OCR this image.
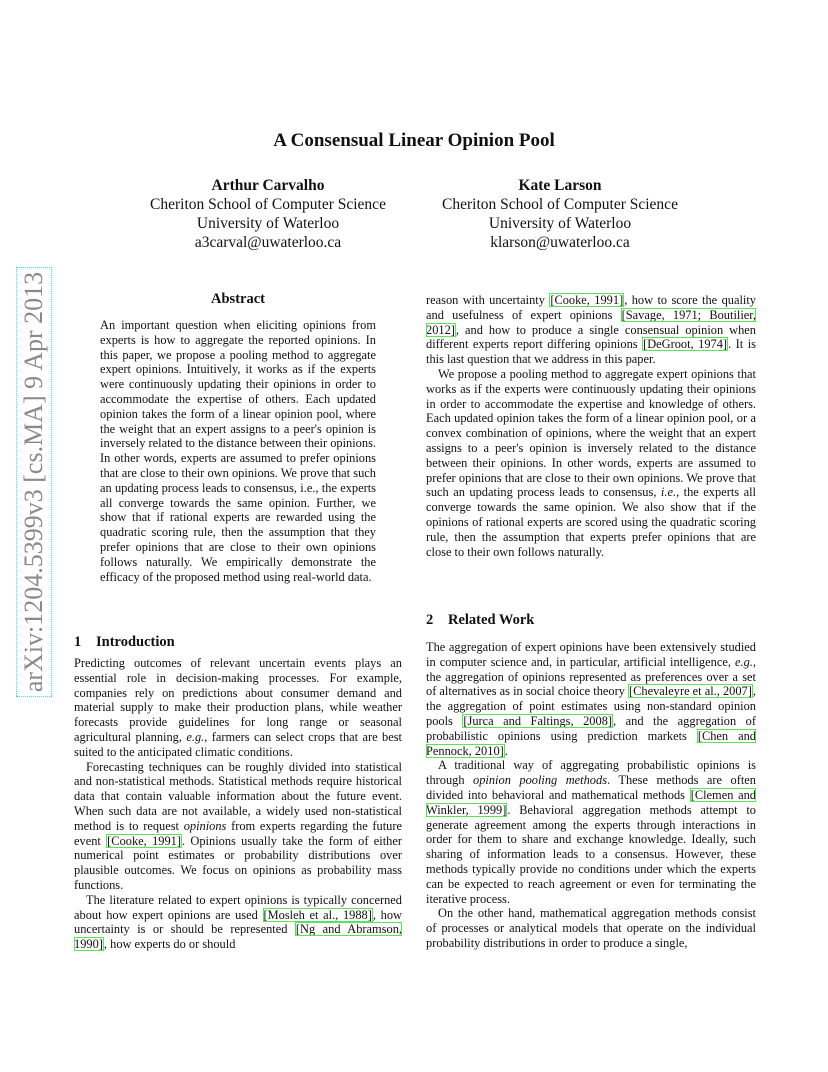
arXiv:1204.5399v3 [cs.MA] 9 Apr 2013
A Consensual Linear Opinion Pool
Arthur Carvalho
Cheriton School of Computer Science
University of Waterloo
a3carval@uwaterloo.ca
Kate Larson
Cheriton School of Computer Science
University of Waterloo
klarson@uwaterloo.ca
Abstract

An important question when eliciting opinions from experts is how to aggregate the reported opinions. In this paper, we propose a pooling method to aggregate expert opinions. Intuitively, it works as if the experts were continuously updating their opinions in order to accommodate the expertise of others. Each updated opinion takes the form of a linear opinion pool, where the weight that an expert assigns to a peer's opinion is inversely related to the distance between their opinions. In other words, experts are assumed to prefer opinions that are close to their own opinions. We prove that such an updating process leads to consensus, i.e., the experts all converge towards the same opinion. Further, we show that if rational experts are rewarded using the quadratic scoring rule, then the assumption that they prefer opinions that are close to their own opinions follows naturally. We empirically demonstrate the efficacy of the proposed method using real-world data.

1 Introduction

Predicting outcomes of relevant uncertain events plays an essential role in decision-making processes. For example, companies rely on predictions about consumer demand and material supply to make their production plans, while weather forecasts provide guidelines for long range or seasonal agricultural planning, e.g., farmers can select crops that are best suited to the anticipated climatic conditions.

Forecasting techniques can be roughly divided into statistical and non-statistical methods. Statistical methods require historical data that contain valuable information about the future event. When such data are not available, a widely used non-statistical method is to request opinions from experts regarding the future event [Cooke, 1991]. Opinions usually take the form of either numerical point estimates or probability distributions over plausible outcomes. We focus on opinions as probability mass functions.

The literature related to expert opinions is typically concerned about how expert opinions are used [Mosleh et al., 1988], how uncertainty is or should be represented [Ng and Abramson, 1990], how experts do or should

reason with uncertainty [Cooke, 1991], how to score the quality and usefulness of expert opinions [Savage, 1971; Boutilier, 2012], and how to produce a single consensual opinion when different experts report differing opinions [DeGroot, 1974]. It is this last question that we address in this paper.

We propose a pooling method to aggregate expert opinions that works as if the experts were continuously updating their opinions in order to accommodate the expertise and knowledge of others. Each updated opinion takes the form of a linear opinion pool, or a convex combination of opinions, where the weight that an expert assigns to a peer's opinion is inversely related to the distance between their opinions. In other words, experts are assumed to prefer opinions that are close to their own opinions. We prove that such an updating process leads to consensus, i.e., the experts all converge towards the same opinion. We also show that if the opinions of rational experts are scored using the quadratic scoring rule, then the assumption that experts prefer opinions that are close to their own follows naturally.

2 Related Work

The aggregation of expert opinions have been extensively studied in computer science and, in particular, artificial intelligence, e.g., the aggregation of opinions represented as preferences over a set of alternatives as in social choice theory [Chevaleyre et al., 2007], the aggregation of point estimates using non-standard opinion pools [Jurca and Faltings, 2008], and the aggregation of probabilistic opinions using prediction markets [Chen and Pennock, 2010].

A traditional way of aggregating probabilistic opinions is through opinion pooling methods. These methods are often divided into behavioral and mathematical methods [Clemen and Winkler, 1999]. Behavioral aggregation methods attempt to generate agreement among the experts through interactions in order for them to share and exchange knowledge. Ideally, such sharing of information leads to a consensus. However, these methods typically provide no conditions under which the experts can be expected to reach agreement or even for terminating the iterative process.

On the other hand, mathematical aggregation methods consist of processes or analytical models that operate on the individual probability distributions in order to produce a single,
